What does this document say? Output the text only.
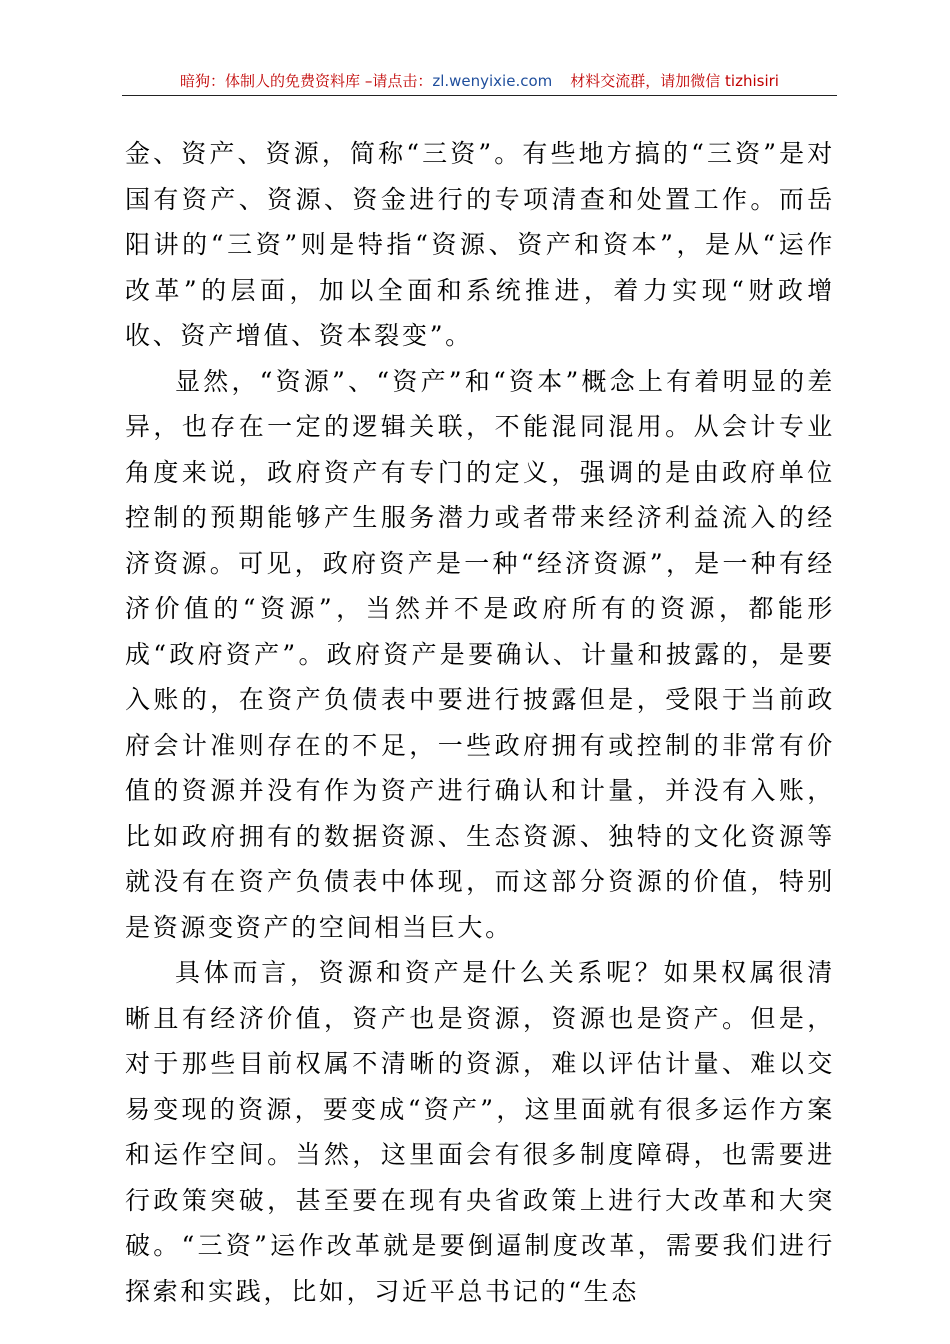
暗狗：体制人的免费资料库 –请点击：zl.wenyixie.com 材料交流群，请加微信 tizhisiri

金、资产、资源，简称“三资”。有些地方搞的“三资”是对国有资产、资源、资金进行的专项清查和处置工作。而岳阳讲的“三资”则是特指“资源、资产和资本”，是从“运作改革”的层面，加以全面和系统推进，着力实现“财政增收、资产增值、资本裂变”。

显然，“资源”、“资产”和“资本”概念上有着明显的差异，也存在一定的逻辑关联，不能混同混用。从会计专业角度来说，政府资产有专门的定义，强调的是由政府单位控制的预期能够产生服务潜力或者带来经济利益流入的经济资源。可见，政府资产是一种“经济资源”，是一种有经济价值的“资源”，当然并不是政府所有的资源，都能形成“政府资产”。政府资产是要确认、计量和披露的，是要入账的，在资产负债表中要进行披露但是，受限于当前政府会计准则存在的不足，一些政府拥有或控制的非常有价值的资源并没有作为资产进行确认和计量，并没有入账，比如政府拥有的数据资源、生态资源、独特的文化资源等就没有在资产负债表中体现，而这部分资源的价值，特别是资源变资产的空间相当巨大。

具体而言，资源和资产是什么关系呢？如果权属很清晰且有经济价值，资产也是资源，资源也是资产。但是，对于那些目前权属不清晰的资源，难以评估计量、难以交易变现的资源，要变成“资产”，这里面就有很多运作方案和运作空间。当然，这里面会有很多制度障碍，也需要进行政策突破，甚至要在现有央省政策上进行大改革和大突破。“三资”运作改革就是要倒逼制度改革，需要我们进行探索和实践，比如，习近平总书记的“生态
